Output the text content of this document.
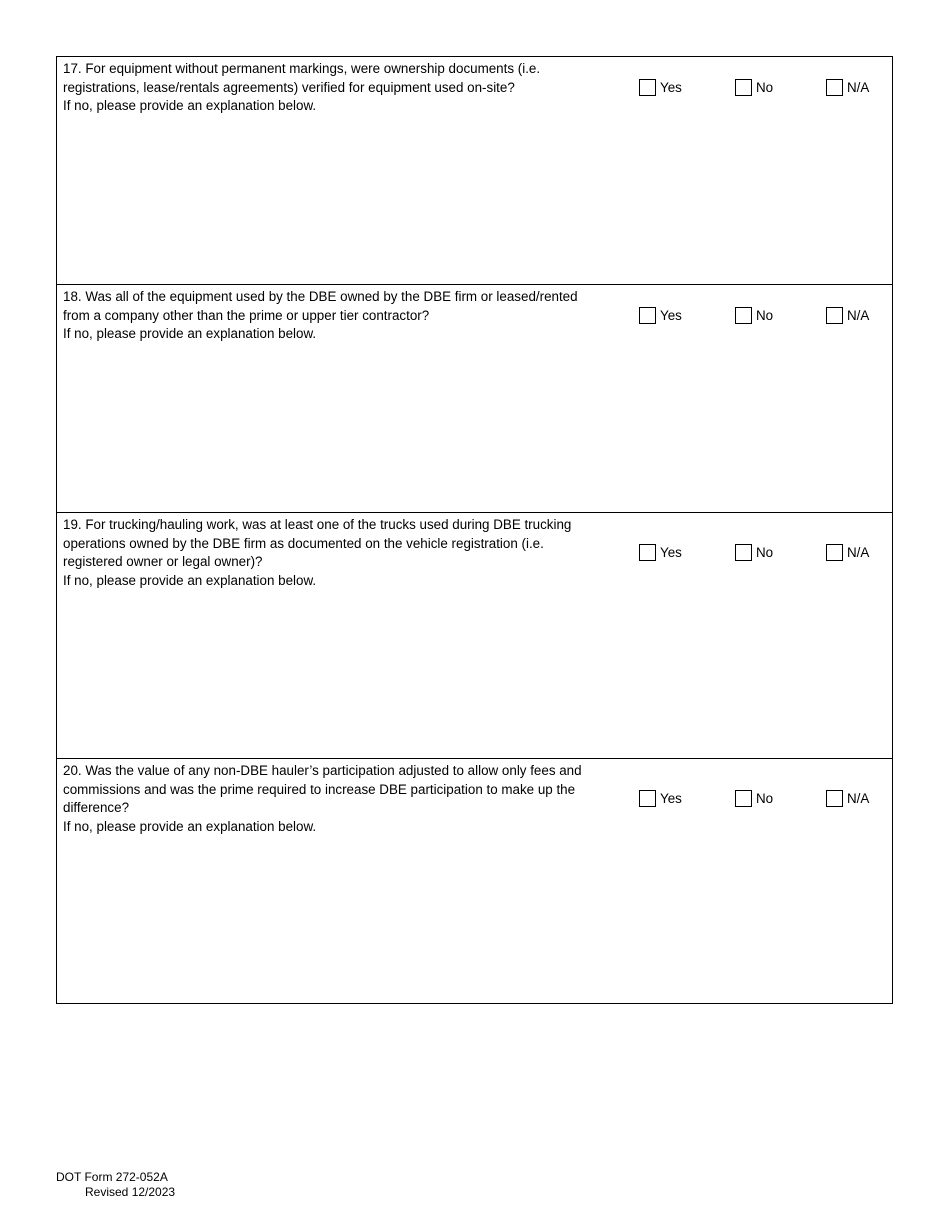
17. For equipment without permanent markings, were ownership documents (i.e.
registrations, lease/rentals agreements) verified for equipment used on-site?
If no, please provide an explanation below.
Yes	No	N/A
18. Was all of the equipment used by the DBE owned by the DBE firm or leased/rented
from a company other than the prime or upper tier contractor?
If no, please provide an explanation below.
Yes	No	N/A
19. For trucking/hauling work, was at least one of the trucks used during DBE trucking
operations owned by the DBE firm as documented on the vehicle registration (i.e.
registered owner or legal owner)?
If no, please provide an explanation below.
Yes	No	N/A
20. Was the value of any non-DBE hauler’s participation adjusted to allow only fees and
commissions and was the prime required to increase DBE participation to make up the
difference?
If no, please provide an explanation below.
Yes	No	N/A
DOT Form 272-052A
Revised 12/2023
